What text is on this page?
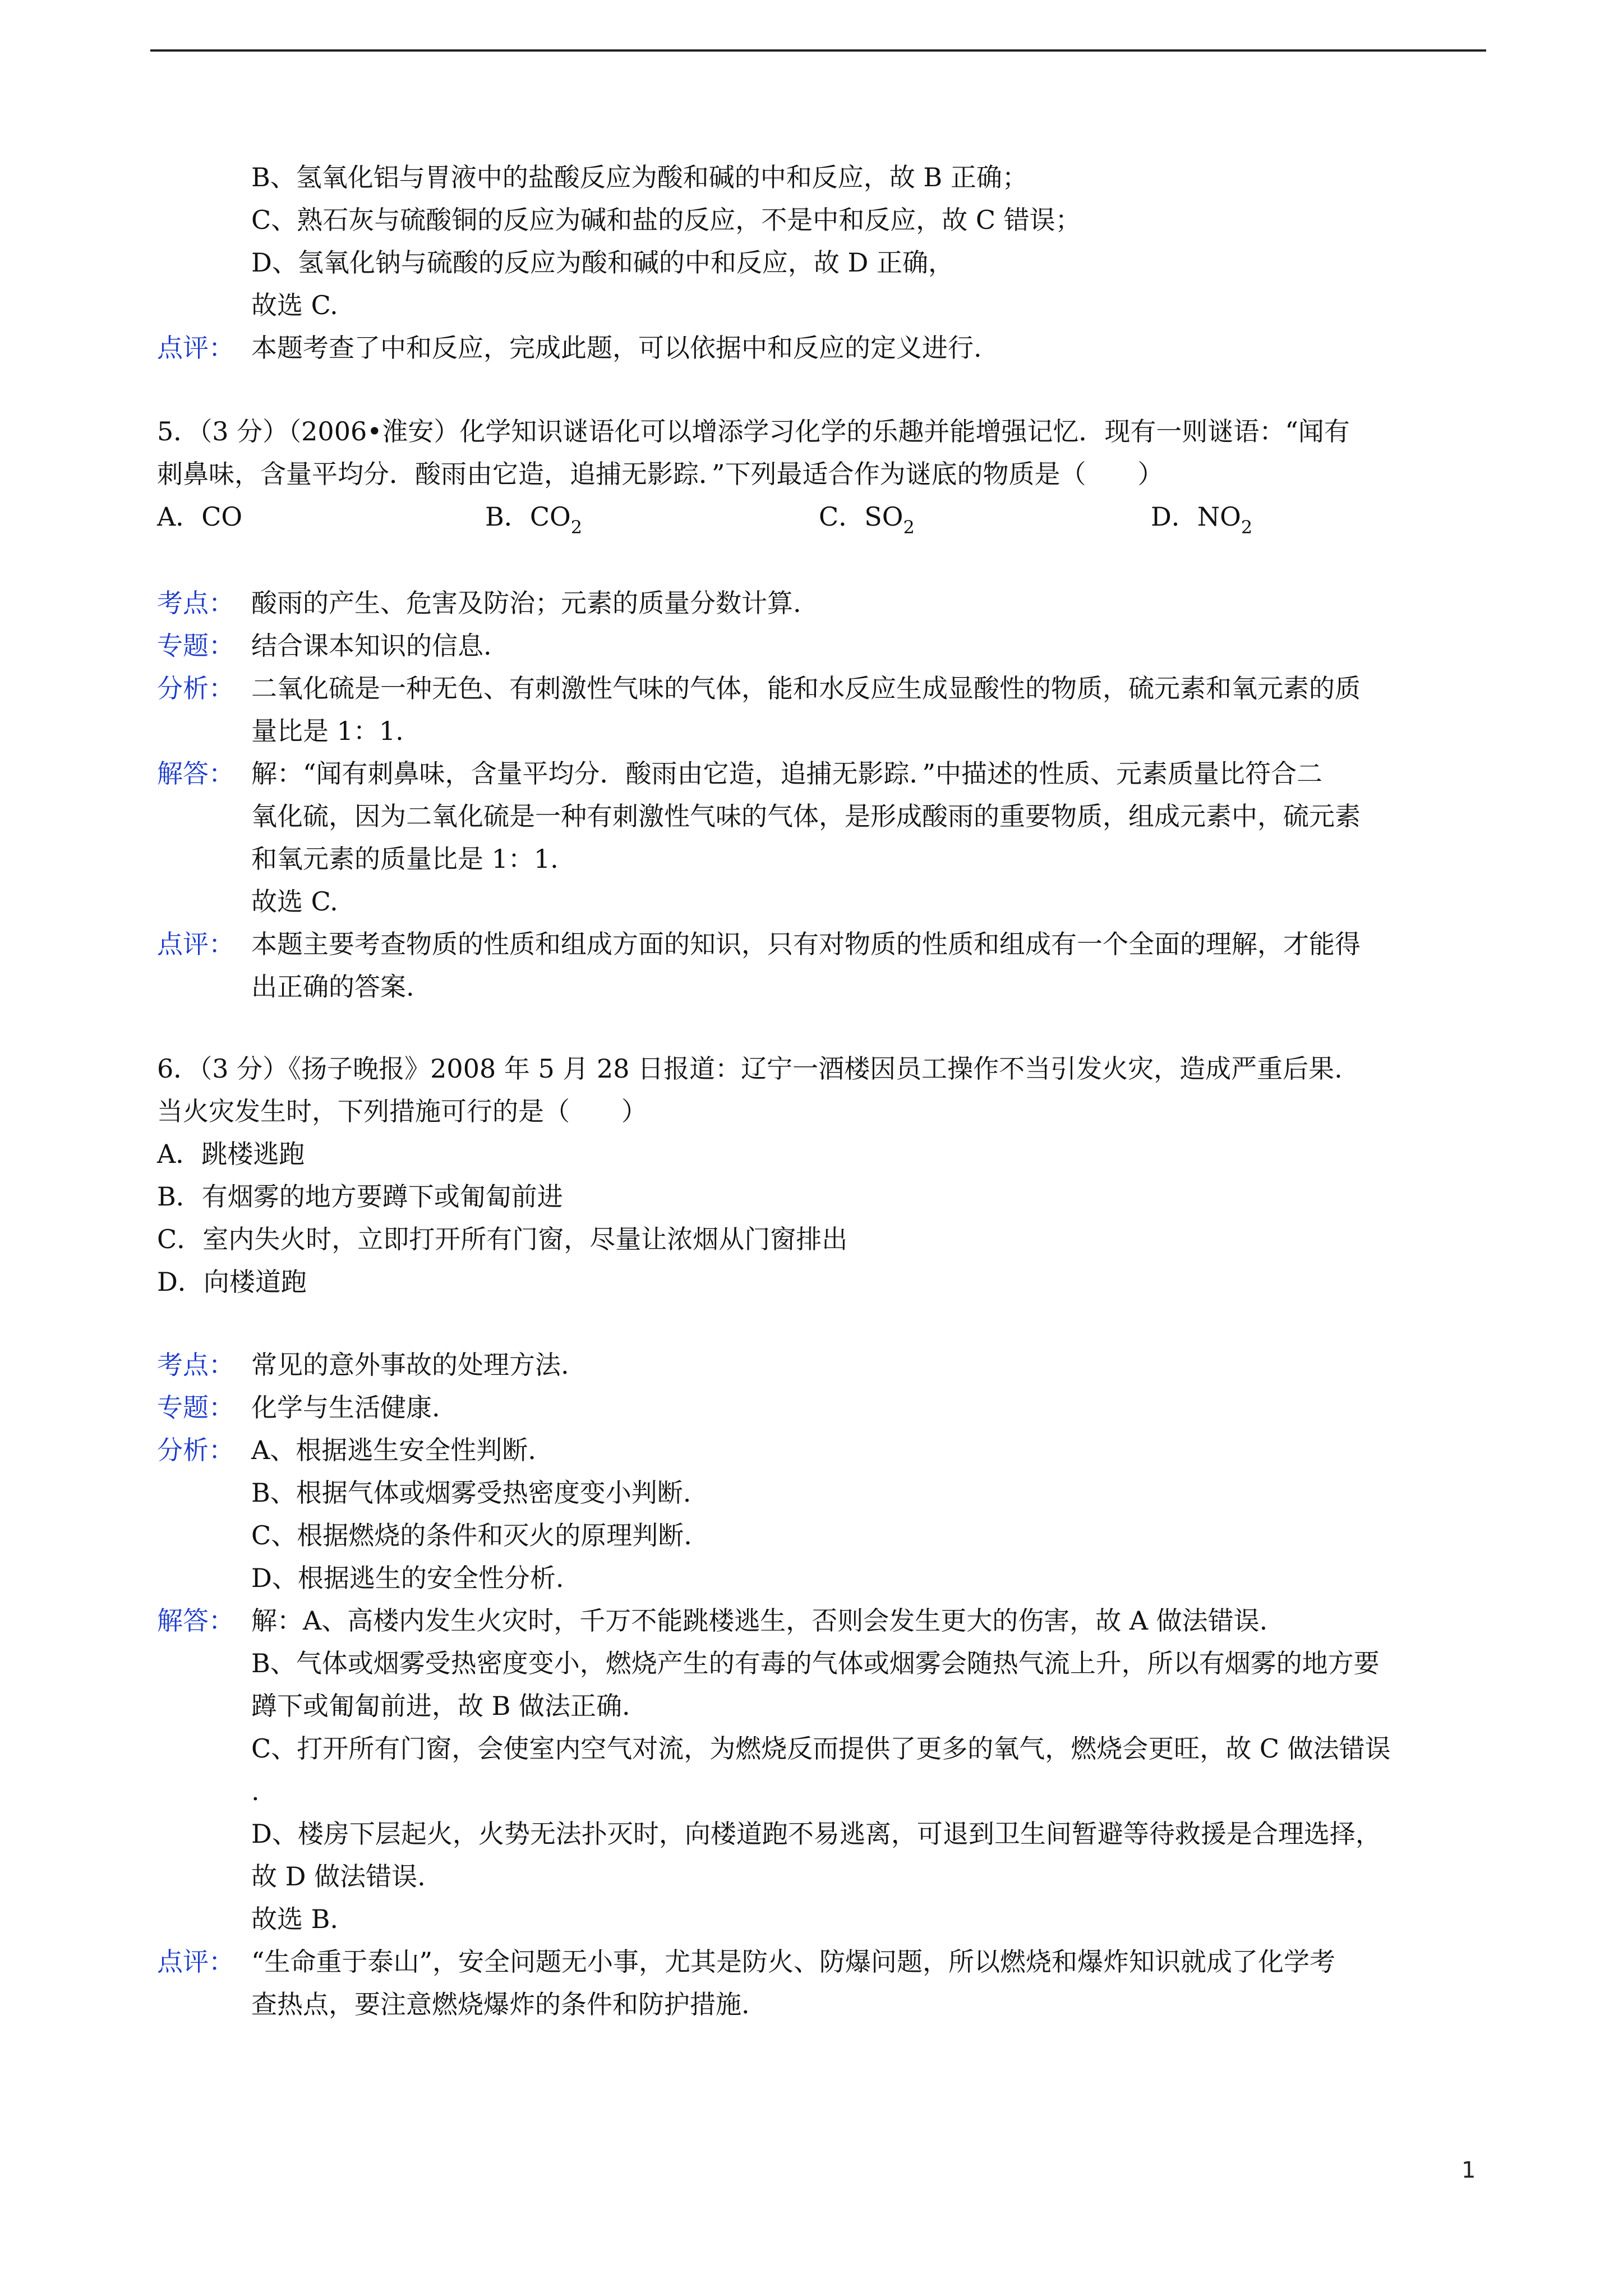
B、氢氧化铝与胃液中的盐酸反应为酸和碱的中和反应，故 B 正确；
C、熟石灰与硫酸铜的反应为碱和盐的反应，不是中和反应，故 C 错误；
D、氢氧化钠与硫酸的反应为酸和碱的中和反应，故 D 正确，
故选 C.
点评： 本题考查了中和反应，完成此题，可以依据中和反应的定义进行.
5．（3 分）（2006•淮安）化学知识谜语化可以增添学习化学的乐趣并能增强记忆．现有一则谜语：“闻有
刺鼻味，含量平均分．酸雨由它造，追捕无影踪．”下列最适合作为谜底的物质是（　　）
A．CO	B．$CO_2$	C．$SO_2$	D．$NO_2$
考点： 酸雨的产生、危害及防治；元素的质量分数计算.
专题： 结合课本知识的信息.
分析： 二氧化硫是一种无色、有刺激性气味的气体，能和水反应生成显酸性的物质，硫元素和氧元素的质
量比是 1：1.
解答： 解：“闻有刺鼻味，含量平均分．酸雨由它造，追捕无影踪．”中描述的性质、元素质量比符合二
氧化硫，因为二氧化硫是一种有刺激性气味的气体，是形成酸雨的重要物质，组成元素中，硫元素
和氧元素的质量比是 1：1.
故选 C.
点评： 本题主要考查物质的性质和组成方面的知识，只有对物质的性质和组成有一个全面的理解，才能得
出正确的答案.
6．（3 分）《扬子晚报》2008 年 5 月 28 日报道：辽宁一酒楼因员工操作不当引发火灾，造成严重后果.
当火灾发生时，下列措施可行的是（　　）
A．跳楼逃跑
B．有烟雾的地方要蹲下或匍匐前进
C．室内失火时，立即打开所有门窗，尽量让浓烟从门窗排出
D．向楼道跑
考点： 常见的意外事故的处理方法.
专题： 化学与生活健康.
分析： A、根据逃生安全性判断.
B、根据气体或烟雾受热密度变小判断.
C、根据燃烧的条件和灭火的原理判断.
D、根据逃生的安全性分析.
解答： 解：A、高楼内发生火灾时，千万不能跳楼逃生，否则会发生更大的伤害，故 A 做法错误.
B、气体或烟雾受热密度变小，燃烧产生的有毒的气体或烟雾会随热气流上升，所以有烟雾的地方要
蹲下或匍匐前进，故 B 做法正确.
C、打开所有门窗，会使室内空气对流，为燃烧反而提供了更多的氧气，燃烧会更旺，故 C 做法错误
.
D、楼房下层起火，火势无法扑灭时，向楼道跑不易逃离，可退到卫生间暂避等待救援是合理选择，
故 D 做法错误.
故选 B.
点评： “生命重于泰山”，安全问题无小事，尤其是防火、防爆问题，所以燃烧和爆炸知识就成了化学考
查热点，要注意燃烧爆炸的条件和防护措施.
1
